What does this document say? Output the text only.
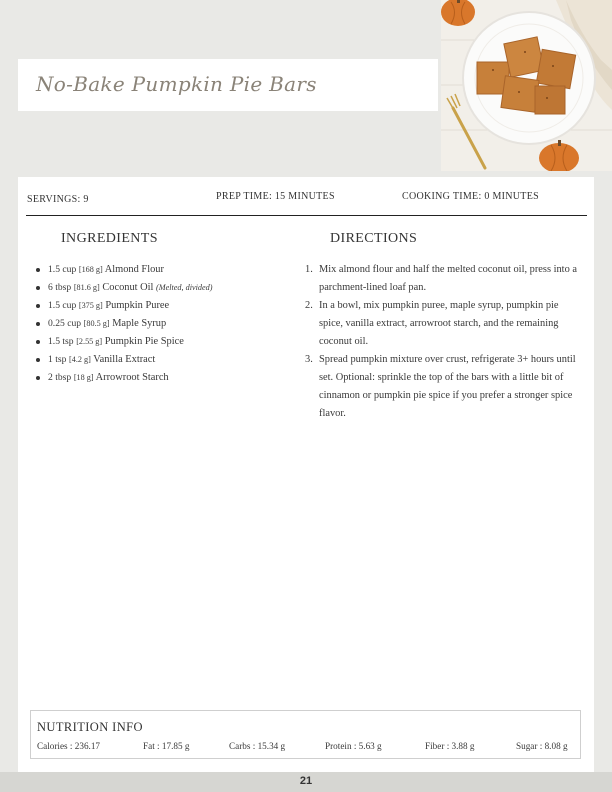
No-Bake Pumpkin Pie Bars
SERVINGS: 9	PREP TIME: 15 MINUTES	COOKING TIME: 0 MINUTES
INGREDIENTS	DIRECTIONS
1.5 cup [168 g] Almond Flour
6 tbsp [81.6 g] Coconut Oil (Melted, divided)
1.5 cup [375 g] Pumpkin Puree
0.25 cup [80.5 g] Maple Syrup
1.5 tsp [2.55 g] Pumpkin Pie Spice
1 tsp [4.2 g] Vanilla Extract
2 tbsp [18 g] Arrowroot Starch
1. Mix almond flour and half the melted coconut oil, press into a parchment-lined loaf pan.
2. In a bowl, mix pumpkin puree, maple syrup, pumpkin pie spice, vanilla extract, arrowroot starch, and the remaining coconut oil.
3. Spread pumpkin mixture over crust, refrigerate 3+ hours until set. Optional: sprinkle the top of the bars with a little bit of cinnamon or pumpkin pie spice if you prefer a stronger spice flavor.
NUTRITION INFO
Calories : 236.17	Fat : 17.85 g	Carbs : 15.34 g	Protein : 5.63 g	Fiber : 3.88 g	Sugar : 8.08 g
21
